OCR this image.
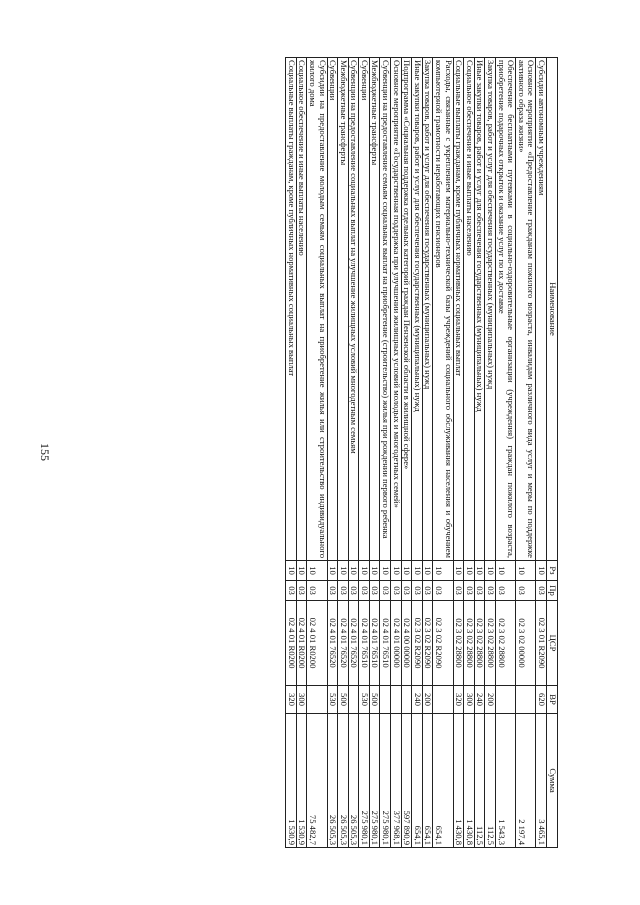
155
Наименование	Рз	Пр	ЦСР	ВР	Сумма
Субсидии автономным учреждениям	10	03	02 3 01 R2090	620	3 465,1
Основное мероприятие «Предоставление гражданам пожилого возраста, инвалидам различного вида услуг и меры по поддержке активного образа жизни»	10	03	02 3 02 00000		2 197,4
Обеспечение бесплатными путевками в социально-оздоровительные организации (учреждения) граждан пожилого возраста, приобретение подарочных открыток и оказание услуг по их доставке	10	03	02 3 02 28800		1 543,3
Закупка товаров, работ и услуг для обеспечения государственных (муниципальных) нужд	10	03	02 3 02 28800	200	112,5
Иные закупки товаров, работ и услуг для обеспечения государственных (муниципальных) нужд	10	03	02 3 02 28800	240	112,5
Социальное обеспечение и иные выплаты населению	10	03	02 3 02 28800	300	1 430,8
Социальные выплаты гражданам, кроме публичных нормативных социальных выплат	10	03	02 3 02 28800	320	1 430,8
Расходы, связанные с укреплением материально-технической базы учреждений социального обслуживания населения и обучением компьютерной грамотности неработающих пенсионеров	10	03	02 3 02 R2090		654,1
Закупка товаров, работ и услуг для обеспечения государственных (муниципальных) нужд	10	03	02 3 02 R2090	200	654,1
Иные закупки товаров, работ и услуг для обеспечения государственных (муниципальных) нужд	10	03	02 3 02 R2090	240	654,1
Подпрограмма «Социальная поддержка отдельных категорий граждан Пензенской области в жилищной сфере»	10	03	02 4 00 00000		597 890,9
Основное мероприятие «Государственная поддержка при улучшении жилищных условий молодых и многодетных семей»	10	03	02 4 01 00000		377 968,1
Субвенции на предоставление семьям социальных выплат на приобретение (строительство) жилья при рождении первого ребенка	10	03	02 4 01 76510		275 980,1
Межбюджетные трансферты	10	03	02 4 01 76510	500	275 980,1
Субвенции	10	03	02 4 01 76510	530	275 980,1
Субвенции на предоставление социальных выплат на улучшение жилищных условий многодетным семьям	10	03	02 4 01 76520		26 505,3
Межбюджетные трансферты	10	03	02 4 01 76520	500	26 505,3
Субвенции	10	03	02 4 01 76520	530	26 505,3
Субсидии на предоставление молодым семьям социальных выплат на приобретение жилья или строительство индивидуального жилого дома	10	03	02 4 01 R0200		75 482,7
Социальное обеспечение и иные выплаты населению	10	03	02 4 01 R0200	300	1 530,9
Социальные выплаты гражданам, кроме публичных нормативных социальных выплат	10	03	02 4 01 R0200	320	1 530,9
